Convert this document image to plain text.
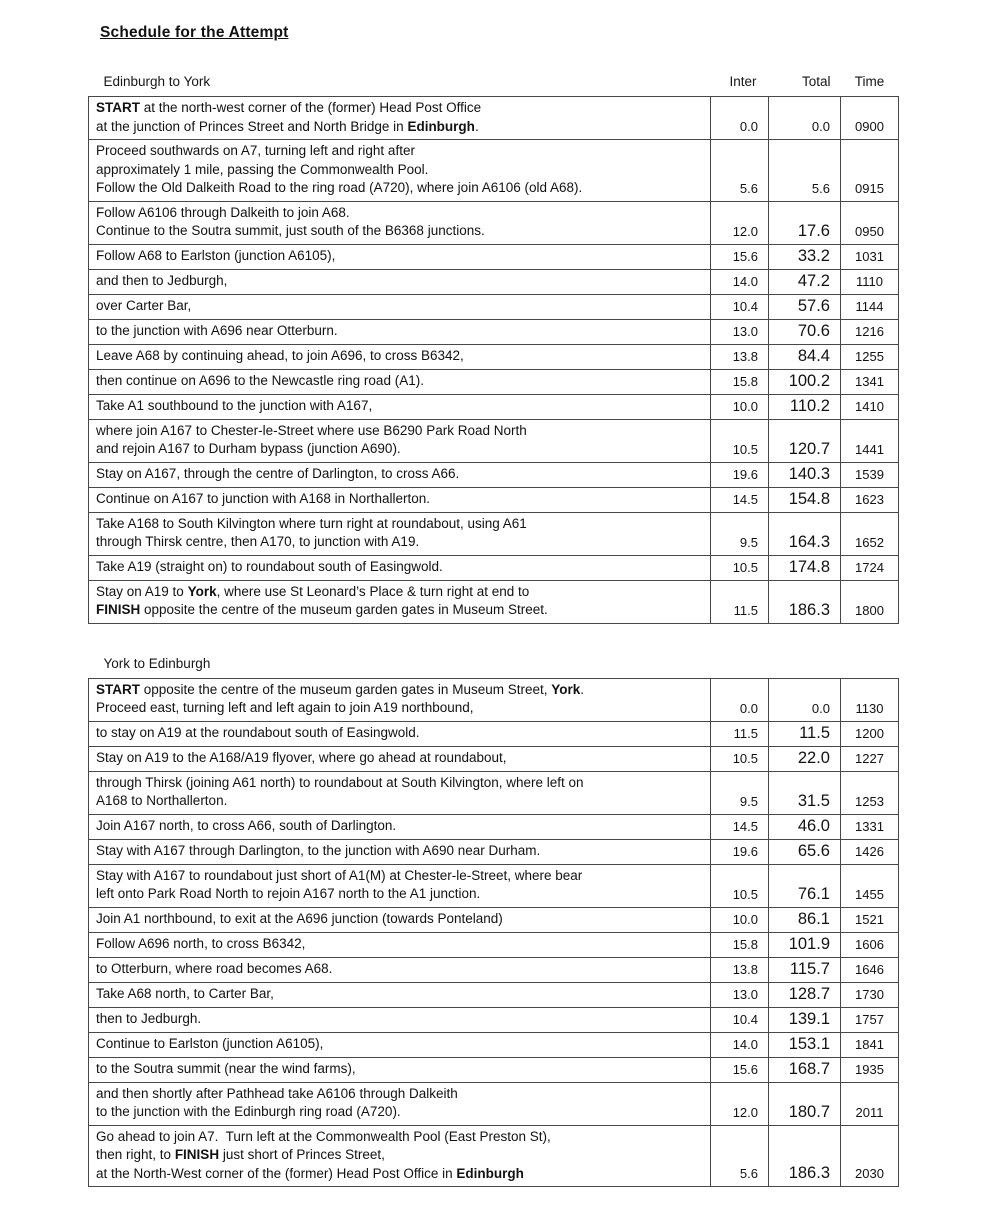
Schedule for the Attempt
Edinburgh to York	Inter	Total	Time

START at the north-west corner of the (former) Head Post Office
at the junction of Princes Street and North Bridge in Edinburgh.	0.0	0.0	0900

Proceed southwards on A7, turning left and right after
approximately 1 mile, passing the Commonwealth Pool.
Follow the Old Dalkeith Road to the ring road (A720), where join A6106 (old A68).	5.6	5.6	0915

Follow A6106 through Dalkeith to join A68.
Continue to the Soutra summit, just south of the B6368 junctions.	12.0	17.6	0950

Follow A68 to Earlston (junction A6105),	15.6	33.2	1031

and then to Jedburgh,	14.0	47.2	1110

over Carter Bar,	10.4	57.6	1144

to the junction with A696 near Otterburn.	13.0	70.6	1216

Leave A68 by continuing ahead, to join A696, to cross B6342,	13.8	84.4	1255

then continue on A696 to the Newcastle ring road (A1).	15.8	100.2	1341

Take A1 southbound to the junction with A167,	10.0	110.2	1410

where join A167 to Chester-le-Street where use B6290 Park Road North
and rejoin A167 to Durham bypass (junction A690).	10.5	120.7	1441

Stay on A167, through the centre of Darlington, to cross A66.	19.6	140.3	1539

Continue on A167 to junction with A168 in Northallerton.	14.5	154.8	1623

Take A168 to South Kilvington where turn right at roundabout, using A61
through Thirsk centre, then A170, to junction with A19.	9.5	164.3	1652

Take A19 (straight on) to roundabout south of Easingwold.	10.5	174.8	1724

Stay on A19 to York, where use St Leonard’s Place & turn right at end to
FINISH opposite the centre of the museum garden gates in Museum Street.	11.5	186.3	1800
York to Edinburgh			

START opposite the centre of the museum garden gates in Museum Street, York.
Proceed east, turning left and left again to join A19 northbound,	0.0	0.0	1130

to stay on A19 at the roundabout south of Easingwold.	11.5	11.5	1200

Stay on A19 to the A168/A19 flyover, where go ahead at roundabout,	10.5	22.0	1227

through Thirsk (joining A61 north) to roundabout at South Kilvington, where left on
A168 to Northallerton.	9.5	31.5	1253

Join A167 north, to cross A66, south of Darlington.	14.5	46.0	1331

Stay with A167 through Darlington, to the junction with A690 near Durham.	19.6	65.6	1426

Stay with A167 to roundabout just short of A1(M) at Chester-le-Street, where bear
left onto Park Road North to rejoin A167 north to the A1 junction.	10.5	76.1	1455

Join A1 northbound, to exit at the A696 junction (towards Ponteland)	10.0	86.1	1521

Follow A696 north, to cross B6342,	15.8	101.9	1606

to Otterburn, where road becomes A68.	13.8	115.7	1646

Take A68 north, to Carter Bar,	13.0	128.7	1730

then to Jedburgh.	10.4	139.1	1757

Continue to Earlston (junction A6105),	14.0	153.1	1841

to the Soutra summit (near the wind farms),	15.6	168.7	1935

and then shortly after Pathhead take A6106 through Dalkeith
to the junction with the Edinburgh ring road (A720).	12.0	180.7	2011

Go ahead to join A7.  Turn left at the Commonwealth Pool (East Preston St),
then right, to FINISH just short of Princes Street,
at the North-West corner of the (former) Head Post Office in Edinburgh	5.6	186.3	2030
